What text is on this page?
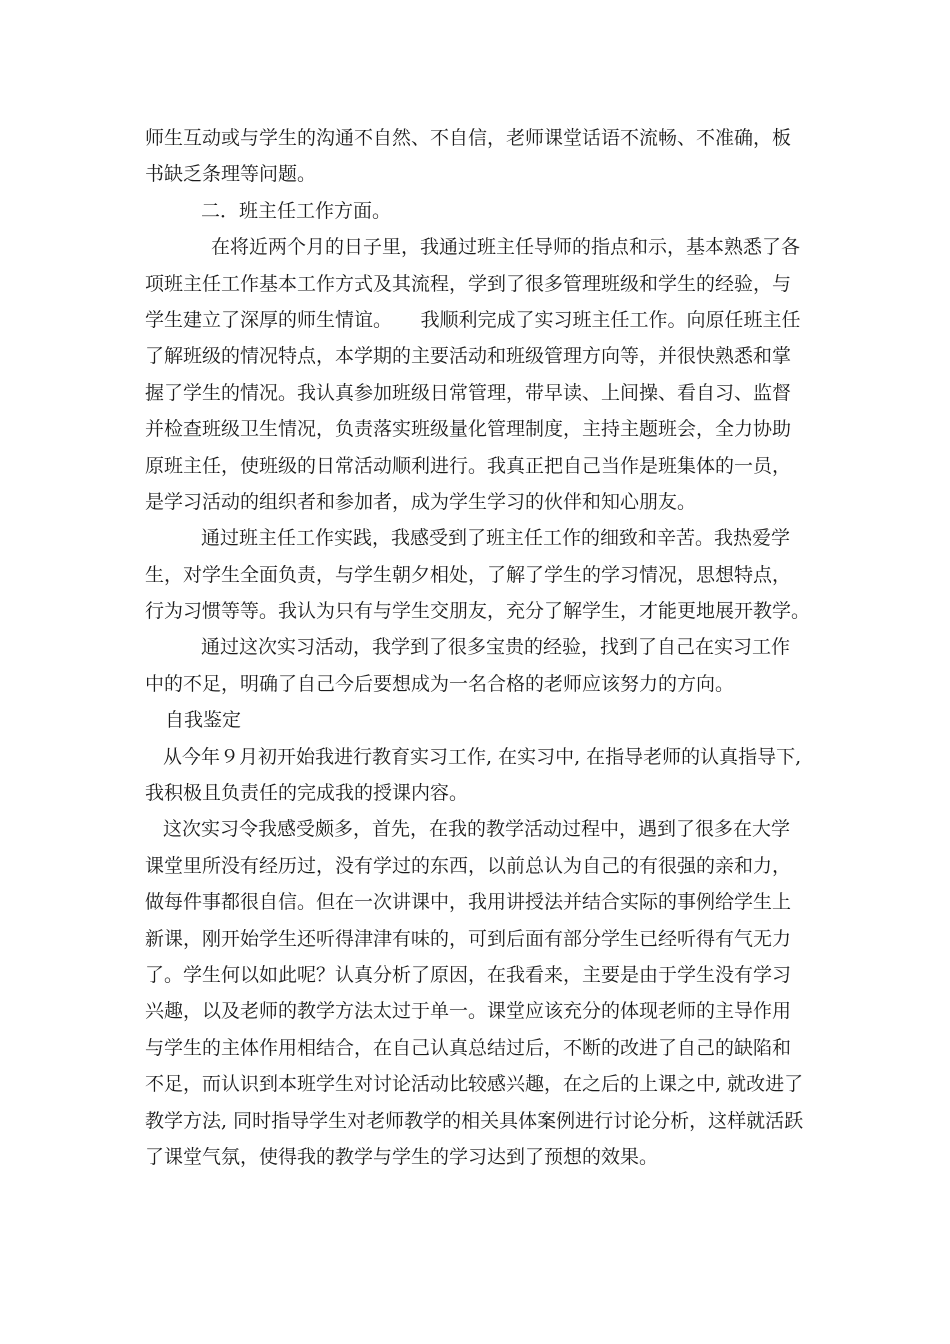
师生互动或与学生的沟通不自然、不自信，老师课堂话语不流畅、不准确，板
书缺乏条理等问题。
二．班主任工作方面。
在将近两个月的日子里，我通过班主任导师的指点和示，基本熟悉了各
项班主任工作基本工作方式及其流程，学到了很多管理班级和学生的经验，与
学生建立了深厚的师生情谊。　　我顺利完成了实习班主任工作。向原任班主任
了解班级的情况特点，本学期的主要活动和班级管理方向等，并很快熟悉和掌
握了学生的情况。我认真参加班级日常管理，带早读、上间操、看自习、监督
并检查班级卫生情况，负责落实班级量化管理制度，主持主题班会，全力协助
原班主任，使班级的日常活动顺利进行。我真正把自己当作是班集体的一员，
是学习活动的组织者和参加者，成为学生学习的伙伴和知心朋友。
通过班主任工作实践，我感受到了班主任工作的细致和辛苦。我热爱学
生，对学生全面负责，与学生朝夕相处，了解了学生的学习情况，思想特点，
行为习惯等等。我认为只有与学生交朋友，充分了解学生，才能更地展开教学。
通过这次实习活动，我学到了很多宝贵的经验，找到了自己在实习工作
中的不足，明确了自己今后要想成为一名合格的老师应该努力的方向。
自我鉴定
从今年９月初开始我进行教育实习工作, 在实习中, 在指导老师的认真指导下,
我积极且负责任的完成我的授课内容。
这次实习令我感受颇多，首先，在我的教学活动过程中，遇到了很多在大学
课堂里所没有经历过，没有学过的东西，以前总认为自己的有很强的亲和力，
做每件事都很自信。但在一次讲课中，我用讲授法并结合实际的事例给学生上
新课，刚开始学生还听得津津有味的，可到后面有部分学生已经听得有气无力
了。学生何以如此呢？认真分析了原因，在我看来，主要是由于学生没有学习
兴趣，以及老师的教学方法太过于单一。课堂应该充分的体现老师的主导作用
与学生的主体作用相结合，在自己认真总结过后，不断的改进了自己的缺陷和
不足，而认识到本班学生对讨论活动比较感兴趣，在之后的上课之中, 就改进了
教学方法, 同时指导学生对老师教学的相关具体案例进行讨论分析，这样就活跃
了课堂气氛，使得我的教学与学生的学习达到了预想的效果。
